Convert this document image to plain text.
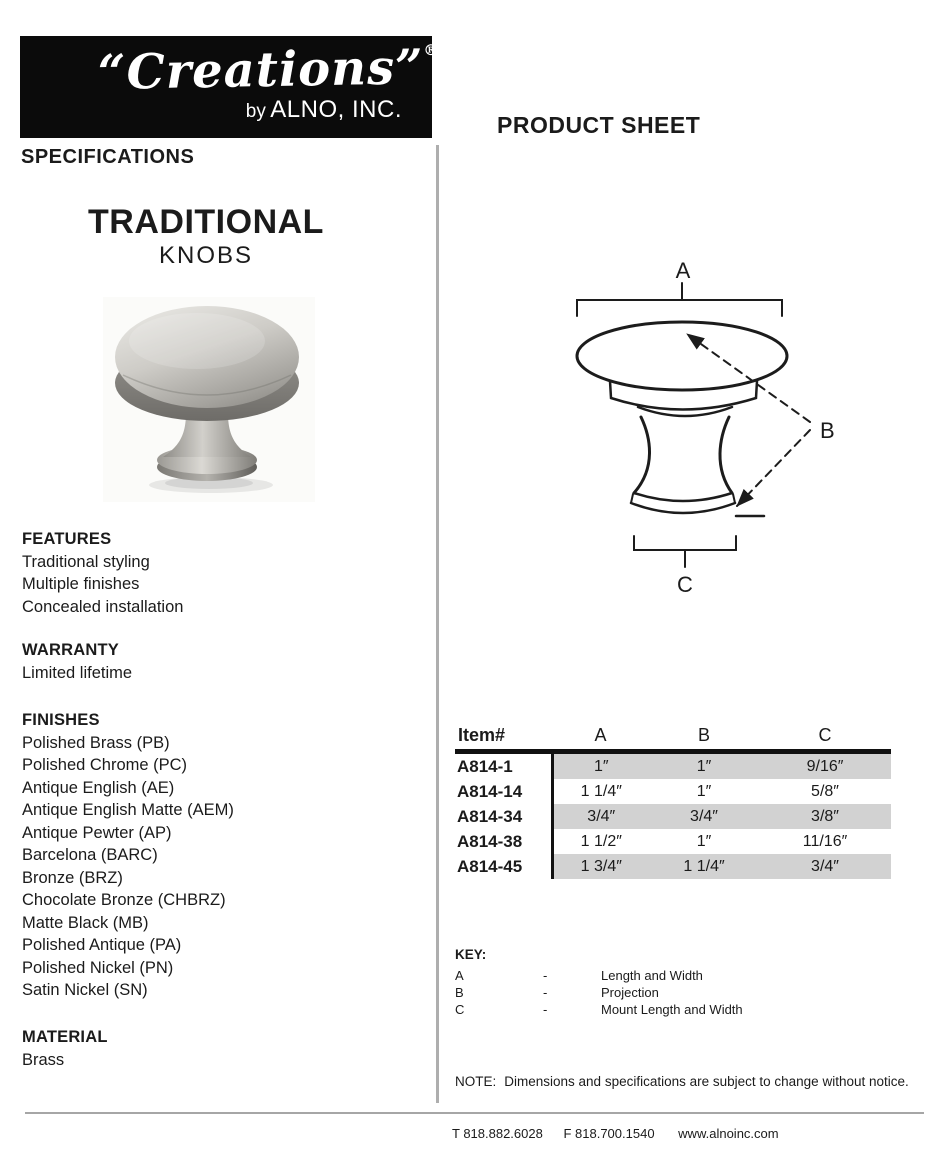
“Creations”®
by ALNO, INC.
SPECIFICATIONS
PRODUCT SHEET
TRADITIONAL
KNOBS
A
B
C
FEATURES
Traditional styling
Multiple finishes
Concealed installation
WARRANTY
Limited lifetime
FINISHES
Polished Brass (PB)
Polished Chrome (PC)
Antique English (AE)
Antique English Matte (AEM)
Antique Pewter (AP)
Barcelona (BARC)
Bronze (BRZ)
Chocolate Bronze (CHBRZ)
Matte Black (MB)
Polished Antique (PA)
Polished Nickel (PN)
Satin Nickel (SN)
MATERIAL
Brass
Item#	A	B	C
A814-1	1″	1″	9/16″
A814-14	1 1/4″	1″	5/8″
A814-34	3/4″	3/4″	3/8″
A814-38	1 1/2″	1″	11/16″
A814-45	1 3/4″	1 1/4″	3/4″
KEY:
A	-	Length and Width
B	-	Projection
C	-	Mount Length and Width
NOTE: Dimensions and specifications are subject to change without notice.
T 818.882.6028 F 818.700.1540 www.alnoinc.com
